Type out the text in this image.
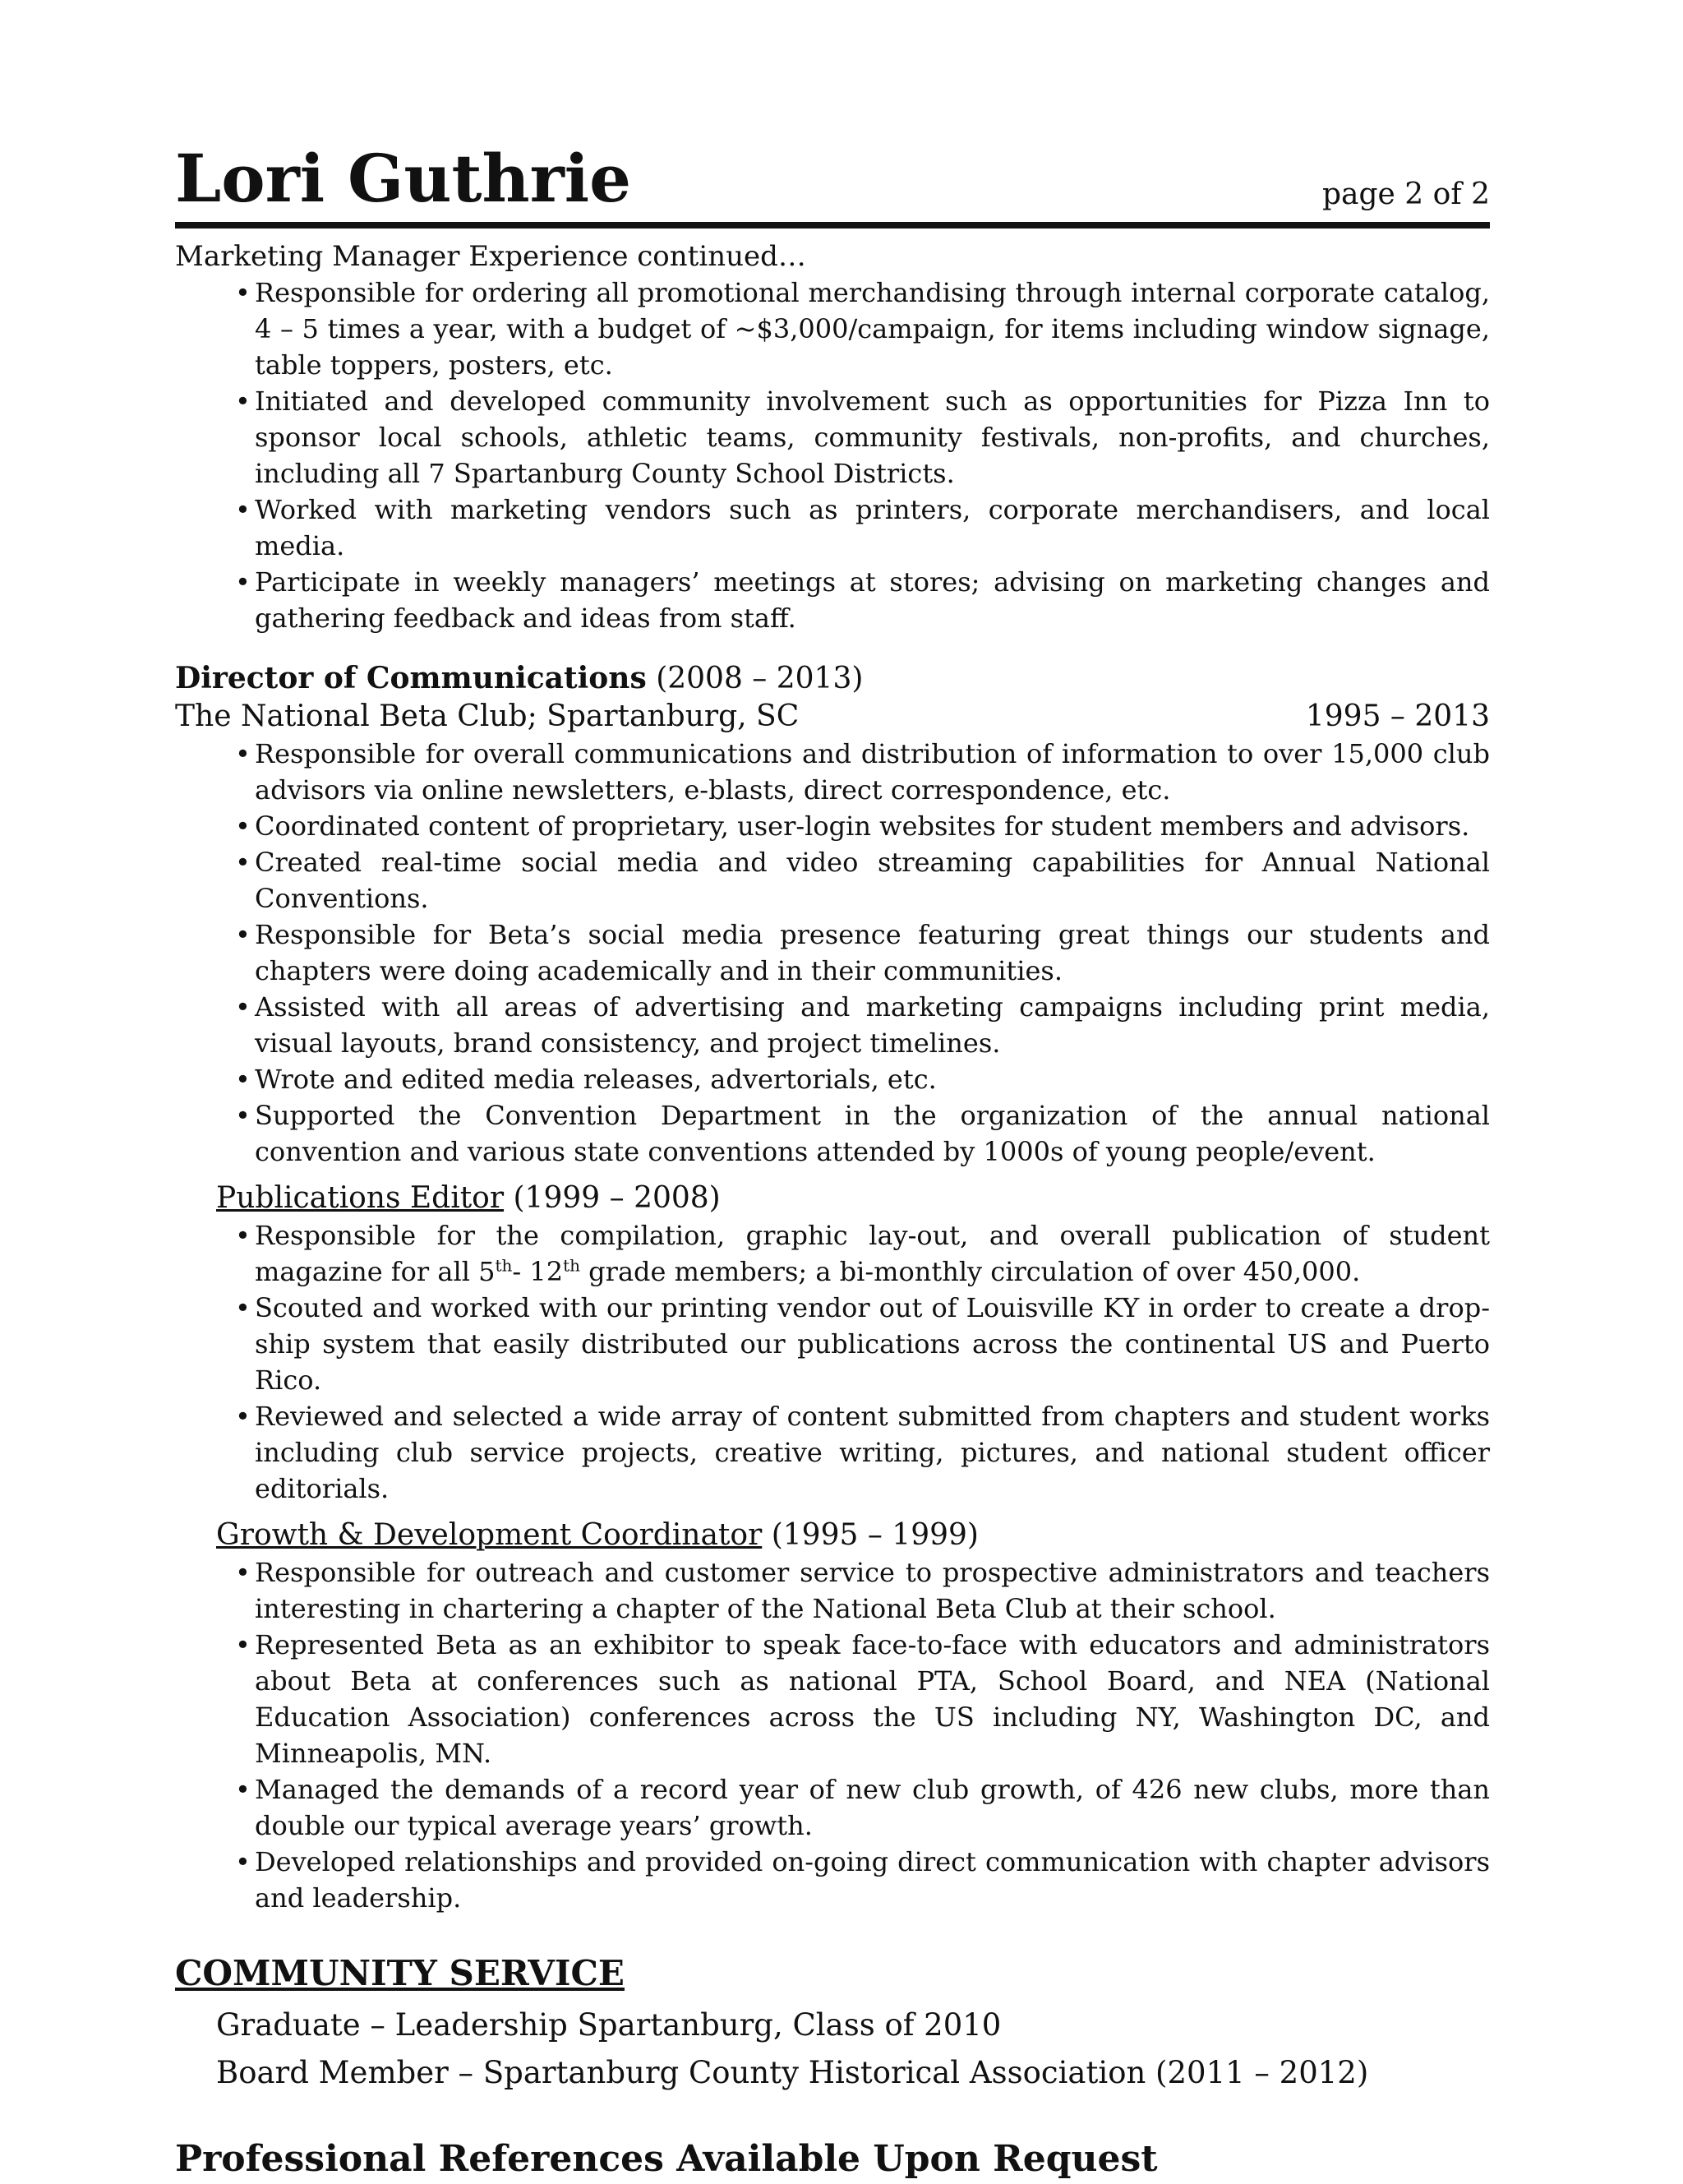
Lori Guthrie	page 2 of 2

Marketing Manager Experience continued…

• Responsible for ordering all promotional merchandising through internal corporate catalog, 4 – 5 times a year, with a budget of ~$3,000/campaign, for items including window signage, table toppers, posters, etc.
• Initiated and developed community involvement such as opportunities for Pizza Inn to sponsor local schools, athletic teams, community festivals, non-profits, and churches, including all 7 Spartanburg County School Districts.
• Worked with marketing vendors such as printers, corporate merchandisers, and local media.
• Participate in weekly managers’ meetings at stores; advising on marketing changes and gathering feedback and ideas from staff.
Director of Communications (2008 – 2013)
The National Beta Club; Spartanburg, SC	1995 – 2013
• Responsible for overall communications and distribution of information to over 15,000 club advisors via online newsletters, e-blasts, direct correspondence, etc.
• Coordinated content of proprietary, user-login websites for student members and advisors.
• Created real-time social media and video streaming capabilities for Annual National Conventions.
• Responsible for Beta’s social media presence featuring great things our students and chapters were doing academically and in their communities.
• Assisted with all areas of advertising and marketing campaigns including print media, visual layouts, brand consistency, and project timelines.
• Wrote and edited media releases, advertorials, etc.
• Supported the Convention Department in the organization of the annual national convention and various state conventions attended by 1000s of young people/event.
Publications Editor (1999 – 2008)
• Responsible for the compilation, graphic lay-out, and overall publication of student magazine for all 5th- 12th grade members; a bi-monthly circulation of over 450,000.
• Scouted and worked with our printing vendor out of Louisville KY in order to create a drop-ship system that easily distributed our publications across the continental US and Puerto Rico.
• Reviewed and selected a wide array of content submitted from chapters and student works including club service projects, creative writing, pictures, and national student officer editorials.
Growth & Development Coordinator (1995 – 1999)
• Responsible for outreach and customer service to prospective administrators and teachers interesting in chartering a chapter of the National Beta Club at their school.
• Represented Beta as an exhibitor to speak face-to-face with educators and administrators about Beta at conferences such as national PTA, School Board, and NEA (National Education Association) conferences across the US including NY, Washington DC, and Minneapolis, MN.
• Managed the demands of a record year of new club growth, of 426 new clubs, more than double our typical average years’ growth.
• Developed relationships and provided on-going direct communication with chapter advisors and leadership.
COMMUNITY SERVICE
Graduate – Leadership Spartanburg, Class of 2010
Board Member – Spartanburg County Historical Association (2011 – 2012)
Professional References Available Upon Request
